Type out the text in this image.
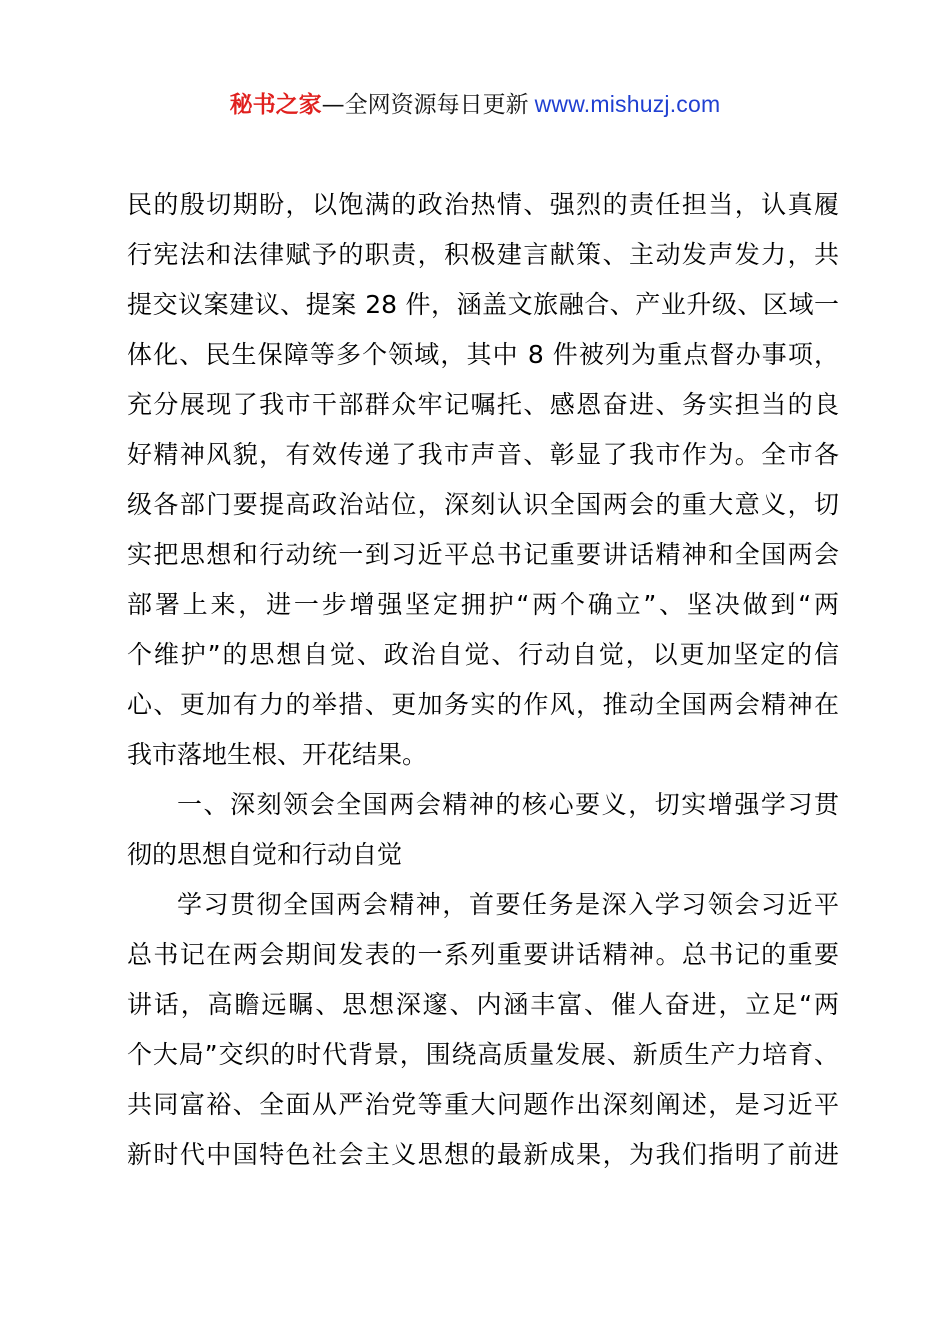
秘书之家—全网资源每日更新 www.mishuzj.com
民的殷切期盼，以饱满的政治热情、强烈的责任担当，认真履
行宪法和法律赋予的职责，积极建言献策、主动发声发力，共
提交议案建议、提案 28 件，涵盖文旅融合、产业升级、区域一
体化、民生保障等多个领域，其中 8 件被列为重点督办事项，
充分展现了我市干部群众牢记嘱托、感恩奋进、务实担当的良
好精神风貌，有效传递了我市声音、彰显了我市作为。全市各
级各部门要提高政治站位，深刻认识全国两会的重大意义，切
实把思想和行动统一到习近平总书记重要讲话精神和全国两会
部署上来，进一步增强坚定拥护“两个确立”、坚决做到“两
个维护”的思想自觉、政治自觉、行动自觉，以更加坚定的信
心、更加有力的举措、更加务实的作风，推动全国两会精神在
我市落地生根、开花结果。
一、深刻领会全国两会精神的核心要义，切实增强学习贯
彻的思想自觉和行动自觉
学习贯彻全国两会精神，首要任务是深入学习领会习近平
总书记在两会期间发表的一系列重要讲话精神。总书记的重要
讲话，高瞻远瞩、思想深邃、内涵丰富、催人奋进，立足“两
个大局”交织的时代背景，围绕高质量发展、新质生产力培育、
共同富裕、全面从严治党等重大问题作出深刻阐述，是习近平
新时代中国特色社会主义思想的最新成果，为我们指明了前进
